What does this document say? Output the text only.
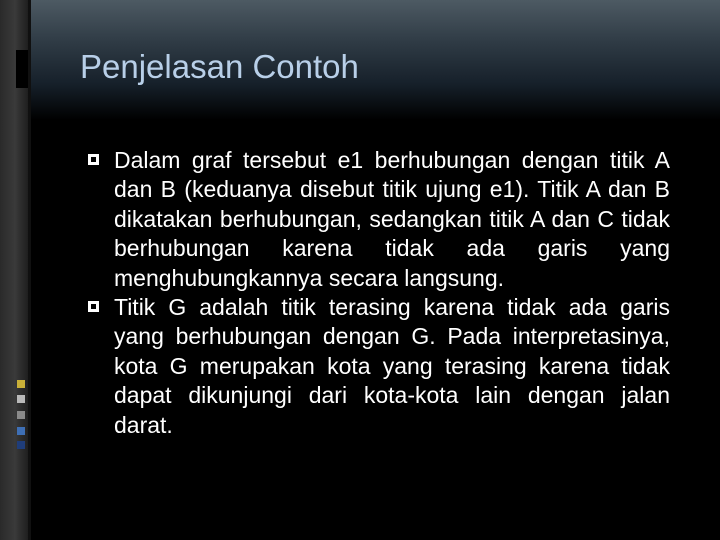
Penjelasan Contoh
Dalam graf tersebut e1 berhubungan dengan titik A dan B (keduanya disebut titik ujung e1). Titik A dan B dikatakan berhubungan, sedangkan titik A dan C tidak berhubungan karena tidak ada garis yang menghubungkannya secara langsung.
Titik G adalah titik terasing karena tidak ada garis yang berhubungan dengan G. Pada interpretasinya, kota G merupakan kota yang terasing karena tidak dapat dikunjungi dari kota-kota lain dengan jalan darat.
